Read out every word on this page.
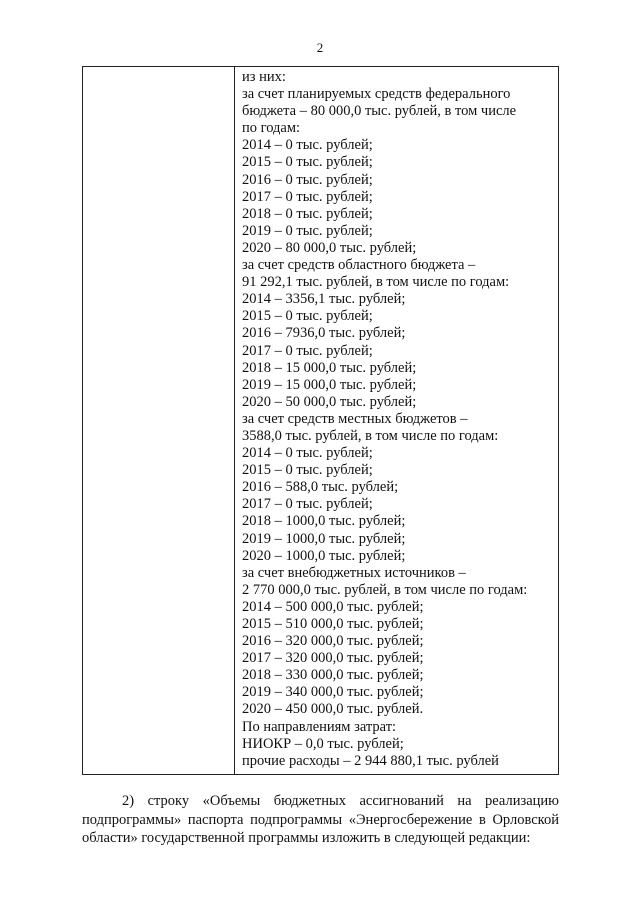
2
из них:
за счет планируемых средств федерального
бюджета – 80 000,0 тыс. рублей, в том числе
по годам:
2014 – 0 тыс. рублей;
2015 – 0 тыс. рублей;
2016 – 0 тыс. рублей;
2017 – 0 тыс. рублей;
2018 – 0 тыс. рублей;
2019 – 0 тыс. рублей;
2020 – 80 000,0 тыс. рублей;
за счет средств областного бюджета –
91 292,1 тыс. рублей, в том числе по годам:
2014 – 3356,1 тыс. рублей;
2015 – 0 тыс. рублей;
2016 – 7936,0 тыс. рублей;
2017 – 0 тыс. рублей;
2018 – 15 000,0 тыс. рублей;
2019 – 15 000,0 тыс. рублей;
2020 – 50 000,0 тыс. рублей;
за счет средств местных бюджетов –
3588,0 тыс. рублей, в том числе по годам:
2014 – 0 тыс. рублей;
2015 – 0 тыс. рублей;
2016 – 588,0 тыс. рублей;
2017 – 0 тыс. рублей;
2018 – 1000,0 тыс. рублей;
2019 – 1000,0 тыс. рублей;
2020 – 1000,0 тыс. рублей;
за счет внебюджетных источников –
2 770 000,0 тыс. рублей, в том числе по годам:
2014 – 500 000,0 тыс. рублей;
2015 – 510 000,0 тыс. рублей;
2016 – 320 000,0 тыс. рублей;
2017 – 320 000,0 тыс. рублей;
2018 – 330 000,0 тыс. рублей;
2019 – 340 000,0 тыс. рублей;
2020 – 450 000,0 тыс. рублей.
По направлениям затрат:
НИОКР – 0,0 тыс. рублей;
прочие расходы – 2 944 880,1 тыс. рублей
2) строку «Объемы бюджетных ассигнований на реализацию
подпрограммы» паспорта подпрограммы «Энергосбережение в Орловской
области» государственной программы изложить в следующей редакции:
